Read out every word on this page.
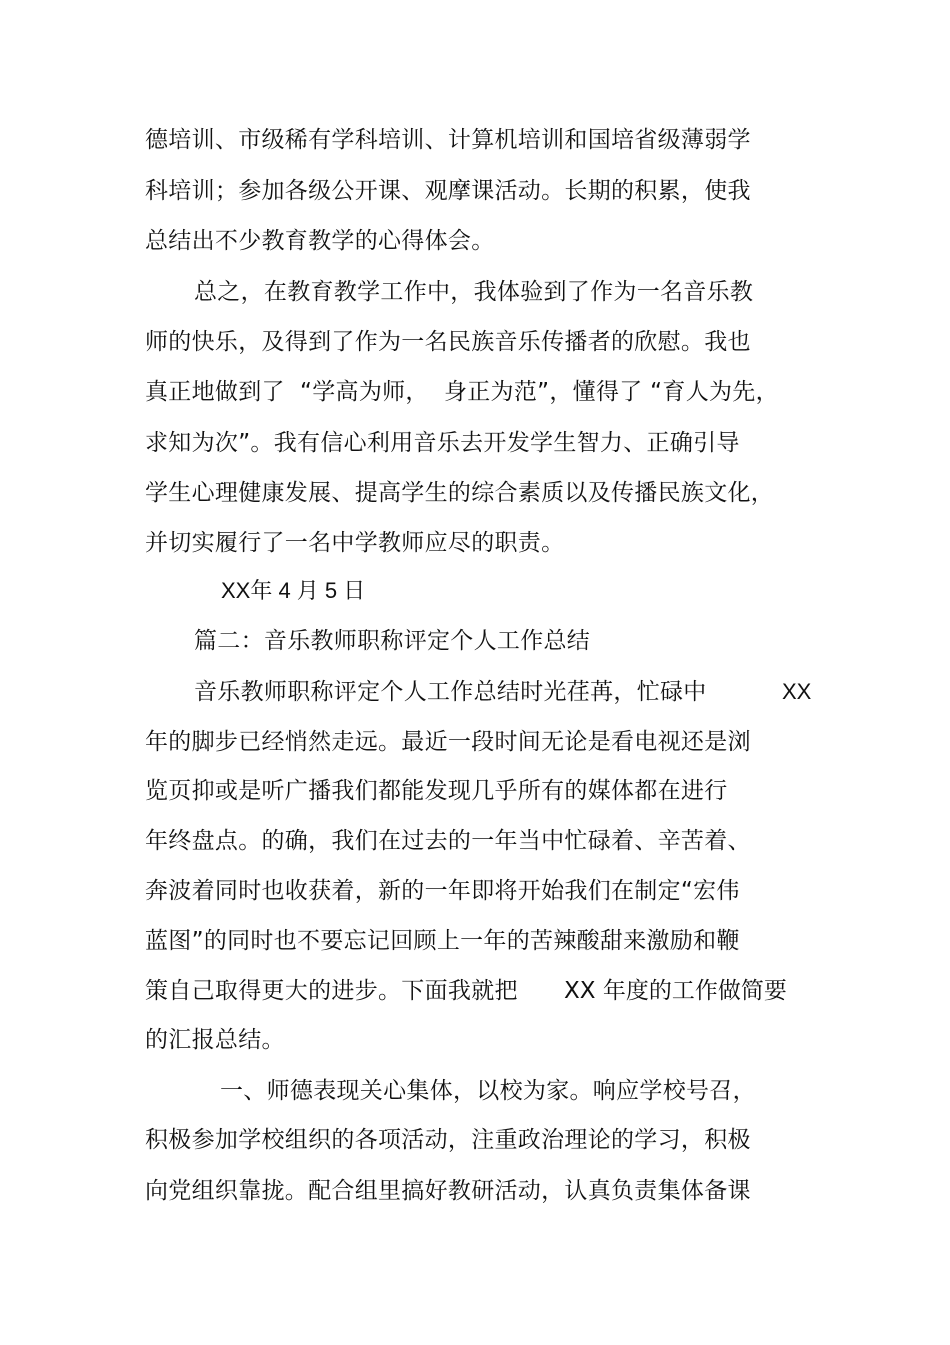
德培训、市级稀有学科培训、计算机培训和国培省级薄弱学
科培训；参加各级公开课、观摩课活动。长期的积累，使我
总结出不少教育教学的心得体会。
总之，在教育教学工作中，我体验到了作为一名音乐教
师的快乐，及得到了作为一名民族音乐传播者的欣慰。我也
真正地做到了  “学高为师，  身正为范”，懂得了 “育人为先，
求知为次”。我有信心利用音乐去开发学生智力、正确引导
学生心理健康发展、提高学生的综合素质以及传播民族文化，
并切实履行了一名中学教师应尽的职责。
XX年 4 月 5 日
篇二：音乐教师职称评定个人工作总结
音乐教师职称评定个人工作总结时光荏苒，忙碌中	XX
年的脚步已经悄然走远。最近一段时间无论是看电视还是浏
览页抑或是听广播我们都能发现几乎所有的媒体都在进行
年终盘点。的确，我们在过去的一年当中忙碌着、辛苦着、
奔波着同时也收获着，新的一年即将开始我们在制定“宏伟
蓝图”的同时也不要忘记回顾上一年的苦辣酸甜来激励和鞭
策自己取得更大的进步。下面我就把 XX 年度的工作做简要
的汇报总结。
一、师德表现关心集体，以校为家。响应学校号召，
积极参加学校组织的各项活动，注重政治理论的学习，积极
向党组织靠拢。配合组里搞好教研活动，认真负责集体备课
